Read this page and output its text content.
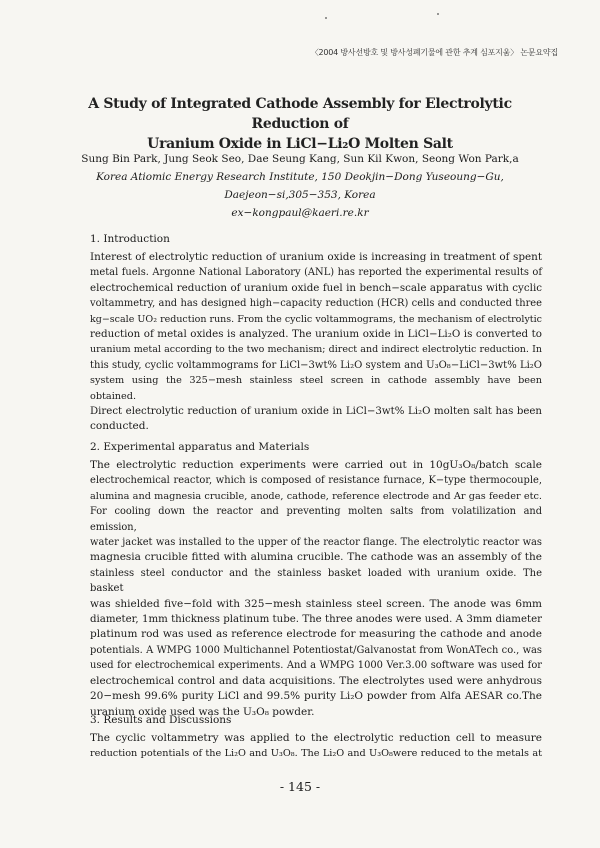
〈2004 방사선방호 및 방사성폐기물에 관한 추계 심포지움〉 논문요약집
A Study of Integrated Cathode Assembly for Electrolytic Reduction of
Uranium Oxide in LiCl−Li₂O Molten Salt
Sung Bin Park, Jung Seok Seo, Dae Seung Kang, Sun Kil Kwon, Seong Won Park,a
Korea Atiomic Energy Research Institute, 150 Deokjin−Dong Yuseoung−Gu,
Daejeon−si,305−353, Korea
ex−kongpaul@kaeri.re.kr
1. Introduction
Interest of electrolytic reduction of uranium oxide is increasing in treatment of spent
metal fuels. Argonne National Laboratory (ANL) has reported the experimental results of
electrochemical reduction of uranium oxide fuel in bench−scale apparatus with cyclic
voltammetry, and has designed high−capacity reduction (HCR) cells and conducted three
kg−scale UO₂ reduction runs. From the cyclic voltammograms, the mechanism of electrolytic
reduction of metal oxides is analyzed. The uranium oxide in LiCl−Li₂O is converted to
uranium metal according to the two mechanism; direct and indirect electrolytic reduction. In
this study, cyclic voltammograms for LiCl−3wt% Li₂O system and U₃O₈−LiCl−3wt% Li₂O
system using the 325−mesh stainless steel screen in cathode assembly have been obtained.
Direct electrolytic reduction of uranium oxide in LiCl−3wt% Li₂O molten salt has been
conducted.
2. Experimental apparatus and Materials
The electrolytic reduction experiments were carried out in 10gU₃O₈/batch scale
electrochemical reactor, which is composed of resistance furnace, K−type thermocouple,
alumina and magnesia crucible, anode, cathode, reference electrode and Ar gas feeder etc.
For cooling down the reactor and preventing molten salts from volatilization and emission,
water jacket was installed to the upper of the reactor flange. The electrolytic reactor was
magnesia crucible fitted with alumina crucible. The cathode was an assembly of the
stainless steel conductor and the stainless basket loaded with uranium oxide. The basket
was shielded five−fold with 325−mesh stainless steel screen. The anode was 6mm
diameter, 1mm thickness platinum tube. The three anodes were used. A 3mm diameter
platinum rod was used as reference electrode for measuring the cathode and anode
potentials. A WMPG 1000 Multichannel Potentiostat/Galvanostat from WonATech co., was
used for electrochemical experiments. And a WMPG 1000 Ver.3.00 software was used for
electrochemical control and data acquisitions. The electrolytes used were anhydrous
20−mesh 99.6% purity LiCl and 99.5% purity Li₂O powder from Alfa AESAR co.The
uranium oxide used was the U₃O₈ powder.
3. Results and Discussions
The cyclic voltammetry was applied to the electrolytic reduction cell to measure
reduction potentials of the Li₂O and U₃O₈. The Li₂O and U₃O₈were reduced to the metals at
- 145 -
